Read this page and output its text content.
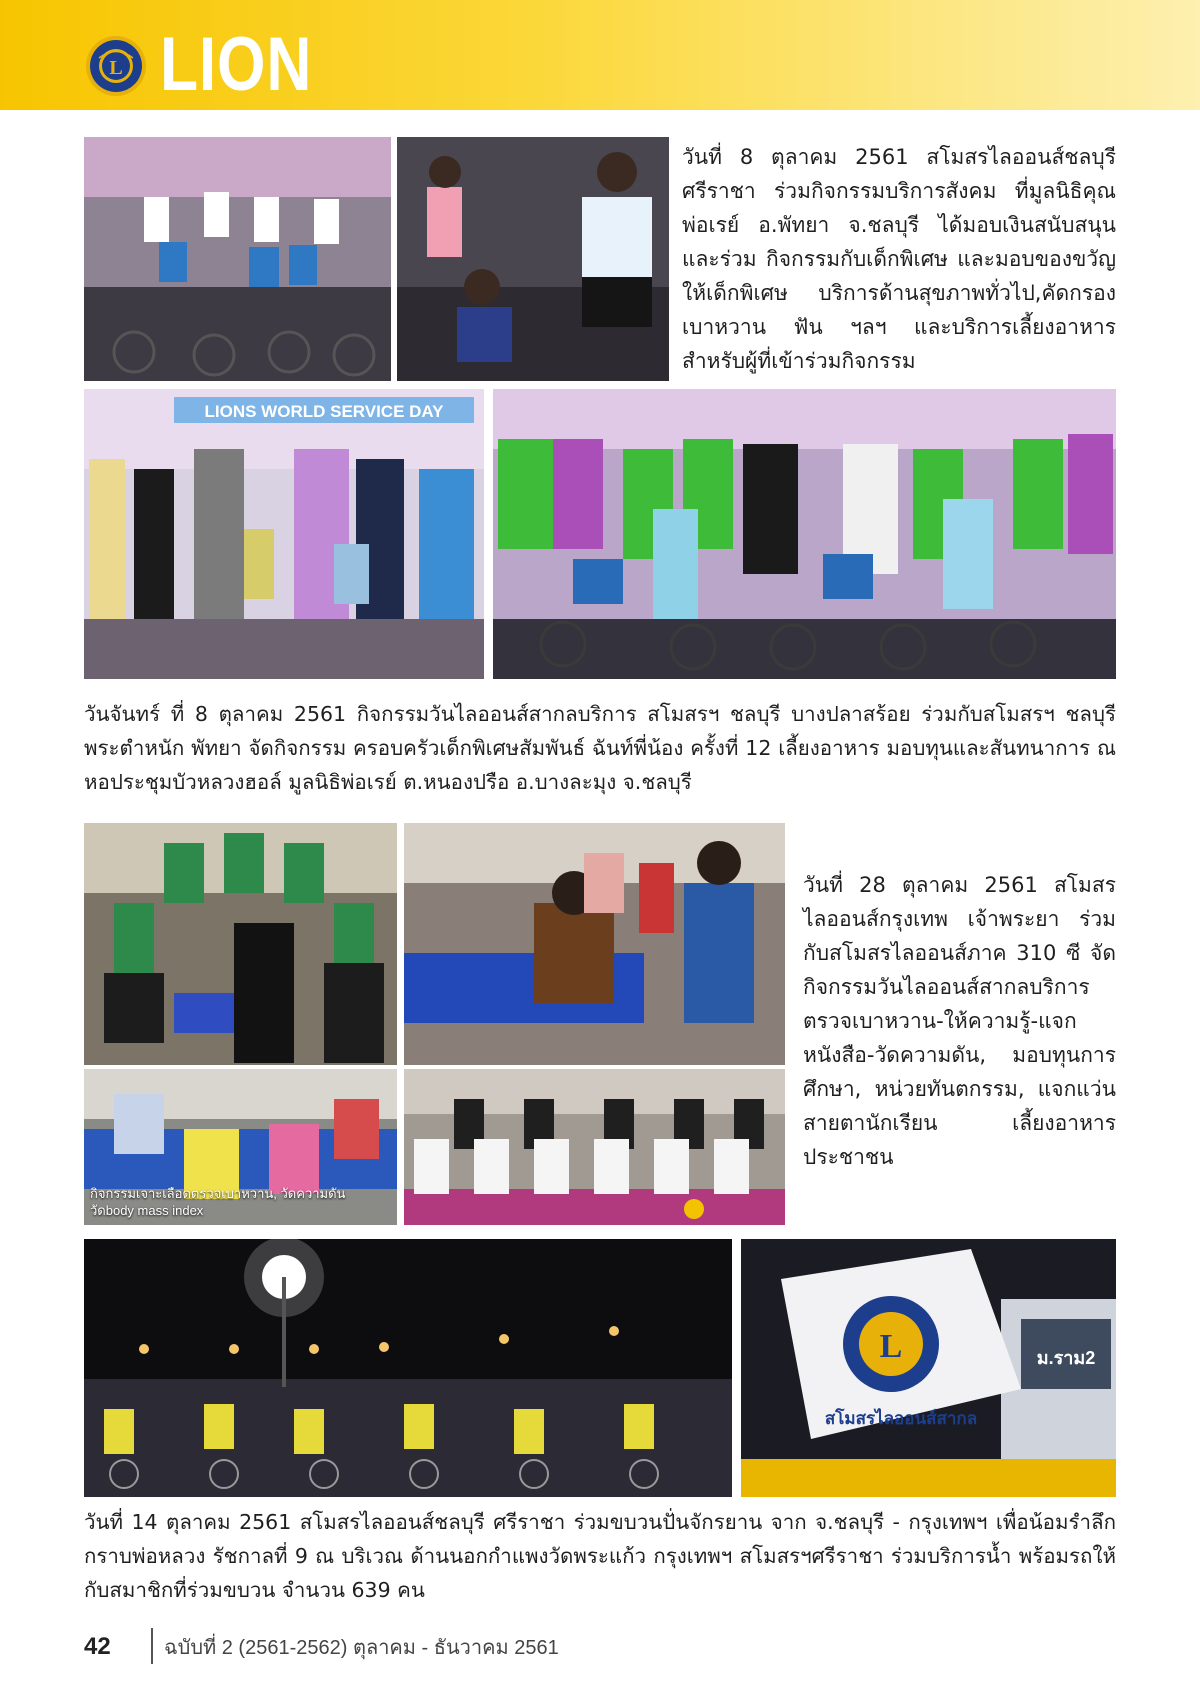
L LION
วันที่ 8 ตุลาคม 2561 สโมสรไลออนส์ชลบุรี ศรีราชา ร่วมกิจกรรมบริการสังคม ที่มูลนิธิคุณพ่อเรย์ อ.พัทยา จ.ชลบุรี ได้มอบเงินสนับสนุน และร่วม กิจกรรมกับเด็กพิเศษ และมอบของขวัญให้เด็กพิเศษ บริการด้านสุขภาพทั่วไป,คัดกรองเบาหวาน ฟัน ฯลฯ และบริการเลี้ยงอาหาร สำหรับผู้ที่เข้าร่วมกิจกรรม
LIONS WORLD SERVICE DAY
วันจันทร์ ที่ 8 ตุลาคม 2561 กิจกรรมวันไลออนส์สากลบริการ สโมสรฯ ชลบุรี บางปลาสร้อย ร่วมกับสโมสรฯ ชลบุรี พระตำหนัก พัทยา จัดกิจกรรม ครอบครัวเด็กพิเศษสัมพันธ์ ฉันท์พี่น้อง ครั้งที่ 12 เลี้ยงอาหาร มอบทุนและสันทนาการ ณ หอประชุมบัวหลวงฮอล์ มูลนิธิพ่อเรย์ ต.หนองปรือ อ.บางละมุง จ.ชลบุรี
กิจกรรมเจาะเลือดตรวจเบาหวาน, วัดความดัน วัดbody mass index
วันที่ 28 ตุลาคม 2561 สโมสรไลออนส์กรุงเทพ เจ้าพระยา ร่วมกับสโมสรไลออนส์ภาค 310 ซี จัดกิจกรรมวันไลออนส์สากลบริการ ตรวจเบาหวาน-ให้ความรู้-แจกหนังสือ-วัดความดัน, มอบทุนการศึกษา, หน่วยทันตกรรม, แจกแว่นสายตานักเรียน เลี้ยงอาหารประชาชน
ม.ราม2
L
สโมสรไลออนส์สากล
วันที่ 14 ตุลาคม 2561 สโมสรไลออนส์ชลบุรี ศรีราชา ร่วมขบวนปั่นจักรยาน จาก จ.ชลบุรี - กรุงเทพฯ เพื่อน้อมรำลึก กราบพ่อหลวง รัชกาลที่ 9 ณ บริเวณ ด้านนอกกำแพงวัดพระแก้ว กรุงเทพฯ สโมสรฯศรีราชา ร่วมบริการน้ำ พร้อมรถให้กับสมาชิกที่ร่วมขบวน จำนวน 639 คน
42	ฉบับที่ 2 (2561-2562) ตุลาคม - ธันวาคม 2561
